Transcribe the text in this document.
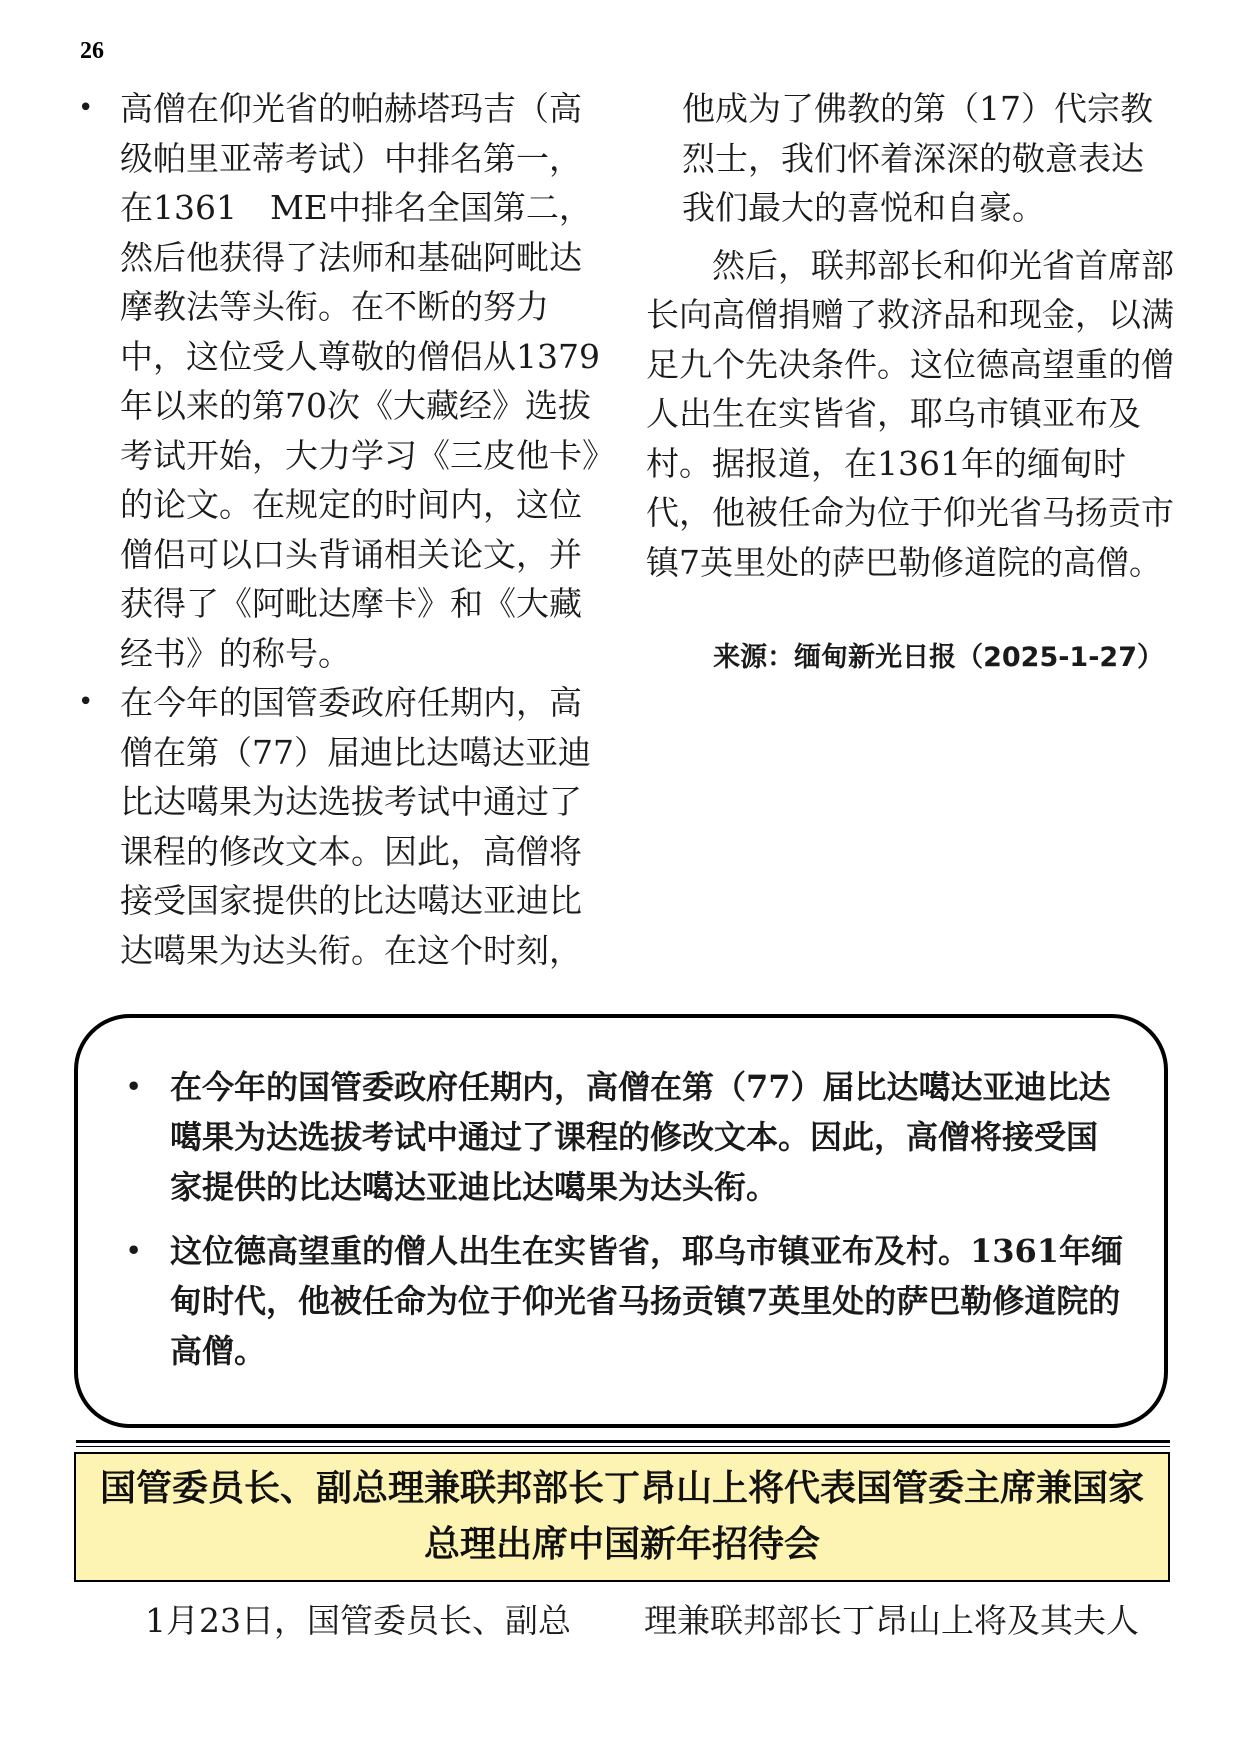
26
• 高僧在仰光省的帕赫塔玛吉（高级帕里亚蒂考试）中排名第一，在1361　ME中排名全国第二，然后他获得了法师和基础阿毗达摩教法等头衔。在不断的努力中，这位受人尊敬的僧侣从1379年以来的第70次《大藏经》选拔考试开始，大力学习《三皮他卡》的论文。在规定的时间内，这位僧侣可以口头背诵相关论文，并获得了《阿毗达摩卡》和《大藏经书》的称号。
• 在今年的国管委政府任期内，高僧在第（77）届迪比达噶达亚迪比达噶果为达选拔考试中通过了课程的修改文本。因此，高僧将接受国家提供的比达噶达亚迪比达噶果为达头衔。在这个时刻，

他成为了佛教的第（17）代宗教烈士，我们怀着深深的敬意表达我们最大的喜悦和自豪。

然后，联邦部长和仰光省首席部长向高僧捐赠了救济品和现金，以满足九个先决条件。这位德高望重的僧人出生在实皆省，耶乌市镇亚布及村。据报道，在1361年的缅甸时代，他被任命为位于仰光省马扬贡市镇7英里处的萨巴勒修道院的高僧。

来源：缅甸新光日报（2025-1-27）

• 在今年的国管委政府任期内，高僧在第（77）届比达噶达亚迪比达噶果为达选拔考试中通过了课程的修改文本。因此，高僧将接受国家提供的比达噶达亚迪比达噶果为达头衔。
• 这位德高望重的僧人出生在实皆省，耶乌市镇亚布及村。1361年缅甸时代，他被任命为位于仰光省马扬贡镇7英里处的萨巴勒修道院的高僧。
国管委员长、副总理兼联邦部长丁昂山上将代表国管委主席兼国家总理出席中国新年招待会
1月23日，国管委员长、副总	理兼联邦部长丁昂山上将及其夫人
